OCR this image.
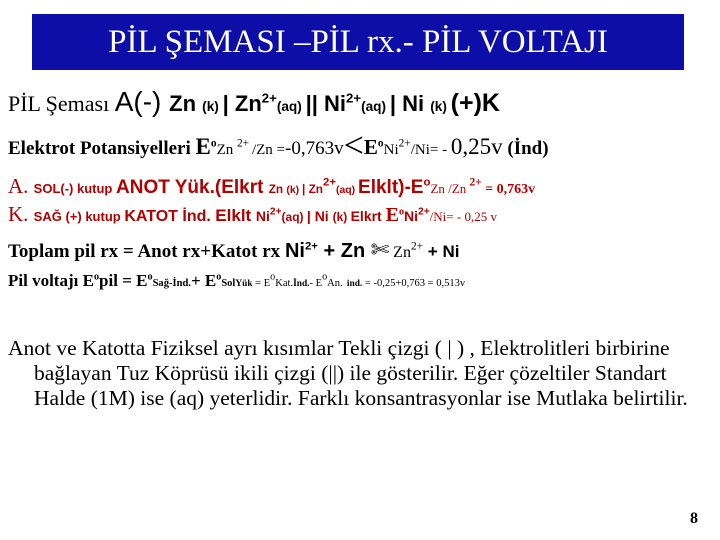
PİL ŞEMASI –PİL rx.- PİL VOLTAJI
PİL Şeması A(-) Zn (k) | $Zn^{2+}(aq)$ || $Ni^{2+}(aq)$ | Ni (k) (+)K
Elektrot Potansiyelleri $E^oZn$ $^{2+}$ $/Zn =-0,763v<E^oNi^{2+}/Ni= - 0,25v$ (İnd)
A. SOL(-) kutup ANOT Yük.(Elkrt Zn (k) | $Zn^{2+}(aq)$ $Elklt)-E^oZn$ /Zn $^{2+}$ = 0,763v
K. SAĞ (+) kutup KATOT İnd. Elklt $Ni^{2+}(aq)$ | Ni (k) Elkrt $E^oNi^{2+}/Ni= - 0,25$ v
Toplam pil rx = Anot rx+Katot rx $Ni^{2+} + Zn$ ✄ $Zn^{2+} + Ni$
Pil voltajı $E^opil$ = $E^oSağ-İnd.+$ $E^oSolYük$ = $E^oKat.İnd.-$ $E^oAn$. ind. = -0,25+0,763 = 0,513v
Anot ve Katotta Fiziksel ayrı kısımlar Tekli çizgi ( | ) , Elektrolitleri birbirine bağlayan Tuz Köprüsü ikili çizgi (||) ile gösterilir. Eğer çözeltiler Standart Halde (1M) ise (aq) yeterlidir. Farklı konsantrasyonlar ise Mutlaka belirtilir.
8
